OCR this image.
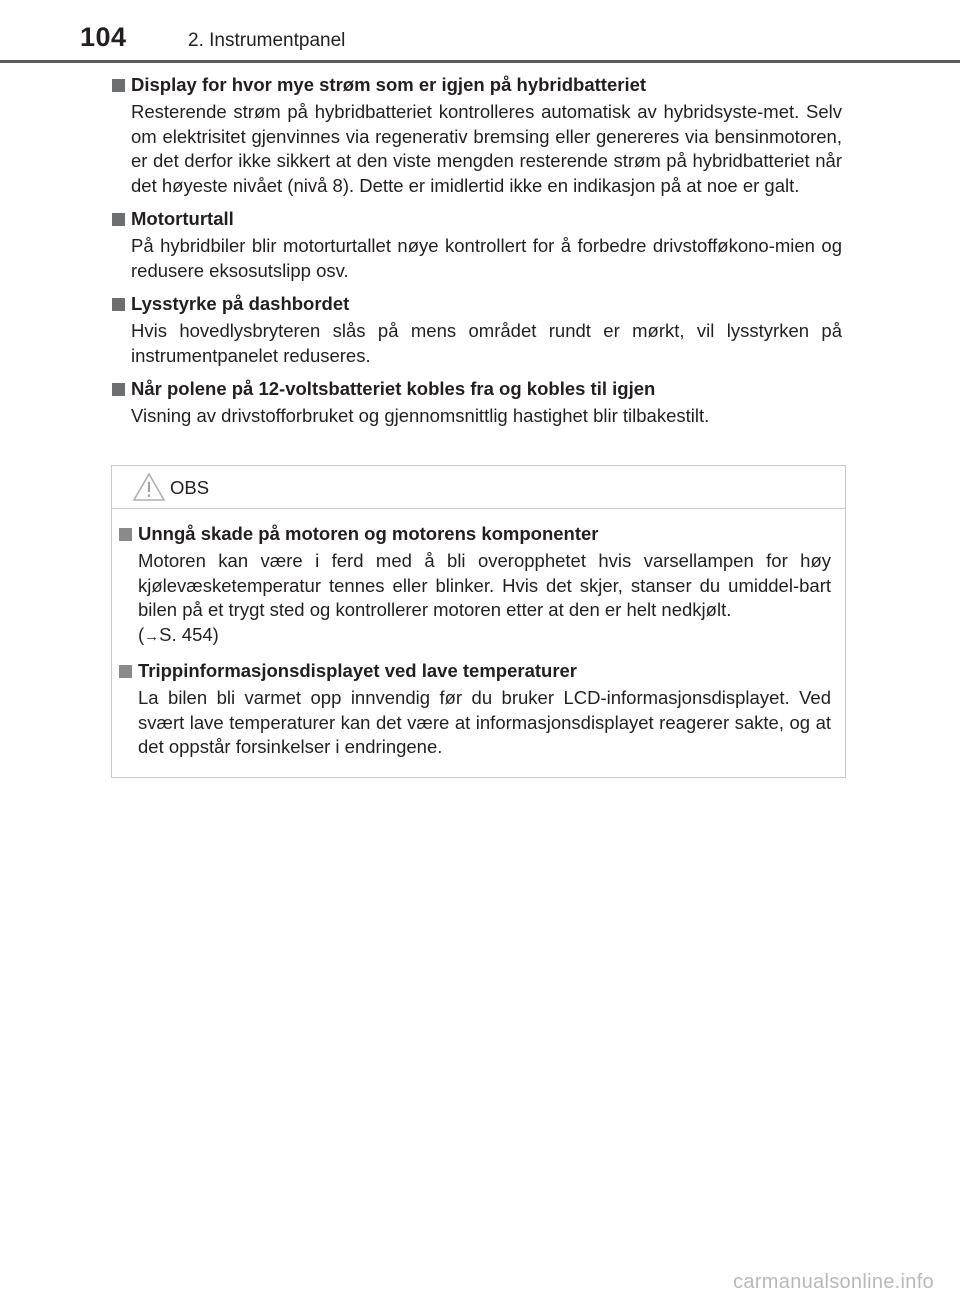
104	2. Instrumentpanel
Display for hvor mye strøm som er igjen på hybridbatteriet
Resterende strøm på hybridbatteriet kontrolleres automatisk av hybridsyste-met. Selv om elektrisitet gjenvinnes via regenerativ bremsing eller genereres via bensinmotoren, er det derfor ikke sikkert at den viste mengden resterende strøm på hybridbatteriet når det høyeste nivået (nivå 8). Dette er imidlertid ikke en indikasjon på at noe er galt.
Motorturtall
På hybridbiler blir motorturtallet nøye kontrollert for å forbedre drivstofføkono-mien og redusere eksosutslipp osv.
Lysstyrke på dashbordet
Hvis hovedlysbryteren slås på mens området rundt er mørkt, vil lysstyrken på instrumentpanelet reduseres.
Når polene på 12-voltsbatteriet kobles fra og kobles til igjen
Visning av drivstofforbruket og gjennomsnittlig hastighet blir tilbakestilt.
OBS
Unngå skade på motoren og motorens komponenter
Motoren kan være i ferd med å bli overopphetet hvis varsellampen for høy kjølevæsketemperatur tennes eller blinker. Hvis det skjer, stanser du umiddel-bart bilen på et trygt sted og kontrollerer motoren etter at den er helt nedkjølt.
(→S. 454)
Trippinformasjonsdisplayet ved lave temperaturer
La bilen bli varmet opp innvendig før du bruker LCD-informasjonsdisplayet. Ved svært lave temperaturer kan det være at informasjonsdisplayet reagerer sakte, og at det oppstår forsinkelser i endringene.
carmanualsonline.info
